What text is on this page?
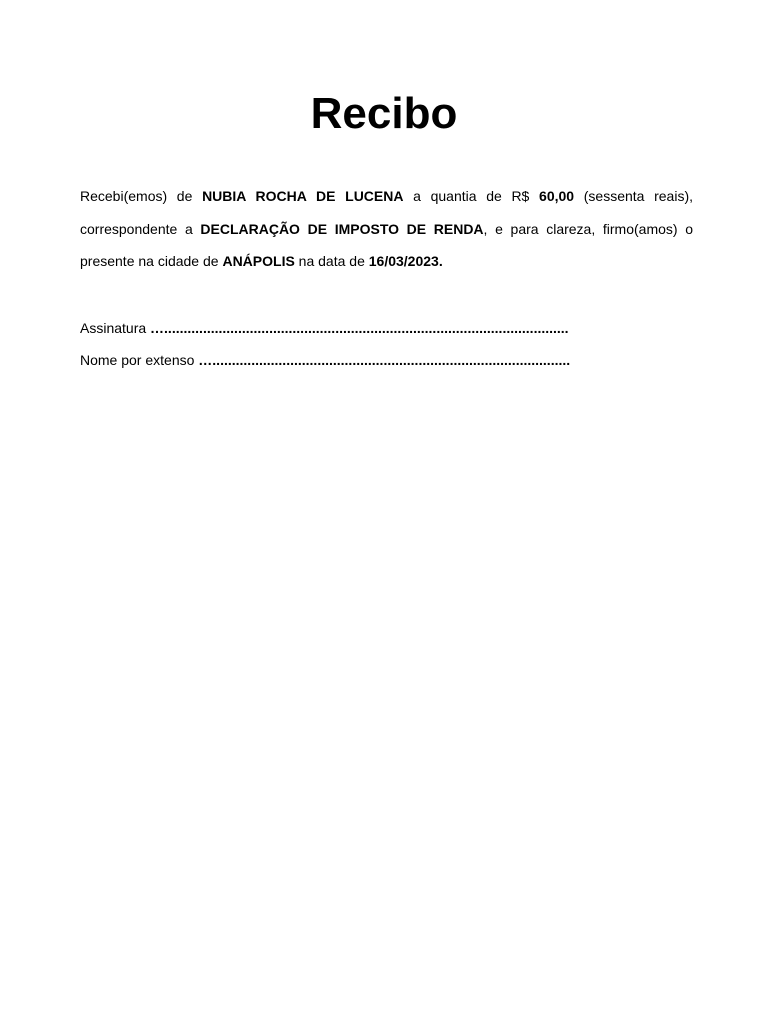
Recibo

Recebi(emos) de NUBIA ROCHA DE LUCENA a quantia de R$ 60,00 (sessenta reais), correspondente a DECLARAÇÃO DE IMPOSTO DE RENDA, e para clareza, firmo(amos) o presente na cidade de ANÁPOLIS na data de 16/03/2023.

Assinatura …........................................................................................................

Nome por extenso …............................................................................................
